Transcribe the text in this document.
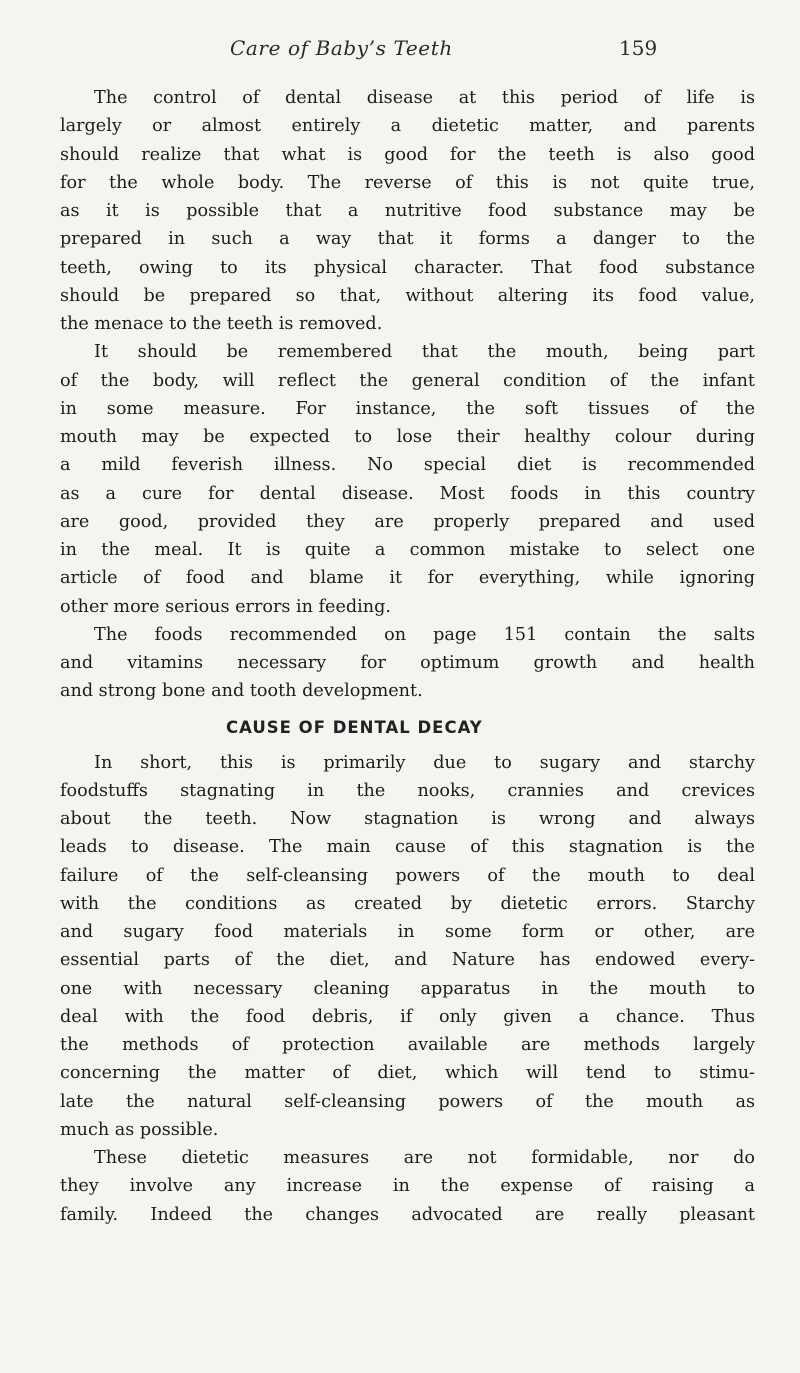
Care of Baby’s Teeth	159
The control of dental disease at this period of life is
largely or almost entirely a dietetic matter, and parents
should realize that what is good for the teeth is also good
for the whole body. The reverse of this is not quite true,
as it is possible that a nutritive food substance may be
prepared in such a way that it forms a danger to the
teeth, owing to its physical character. That food substance
should be prepared so that, without altering its food value,
the menace to the teeth is removed.
It should be remembered that the mouth, being part
of the body, will reflect the general condition of the infant
in some measure. For instance, the soft tissues of the
mouth may be expected to lose their healthy colour during
a mild feverish illness. No special diet is recommended
as a cure for dental disease. Most foods in this country
are good, provided they are properly prepared and used
in the meal. It is quite a common mistake to select one
article of food and blame it for everything, while ignoring
other more serious errors in feeding.
The foods recommended on page 151 contain the salts
and vitamins necessary for optimum growth and health
and strong bone and tooth development.
CAUSE OF DENTAL DECAY
In short, this is primarily due to sugary and starchy
foodstuffs stagnating in the nooks, crannies and crevices
about the teeth. Now stagnation is wrong and always
leads to disease. The main cause of this stagnation is the
failure of the self-cleansing powers of the mouth to deal
with the conditions as created by dietetic errors. Starchy
and sugary food materials in some form or other, are
essential parts of the diet, and Nature has endowed every-
one with necessary cleaning apparatus in the mouth to
deal with the food debris, if only given a chance. Thus
the methods of protection available are methods largely
concerning the matter of diet, which will tend to stimu-
late the natural self-cleansing powers of the mouth as
much as possible.
These dietetic measures are not formidable, nor do
they involve any increase in the expense of raising a
family. Indeed the changes advocated are really pleasant
